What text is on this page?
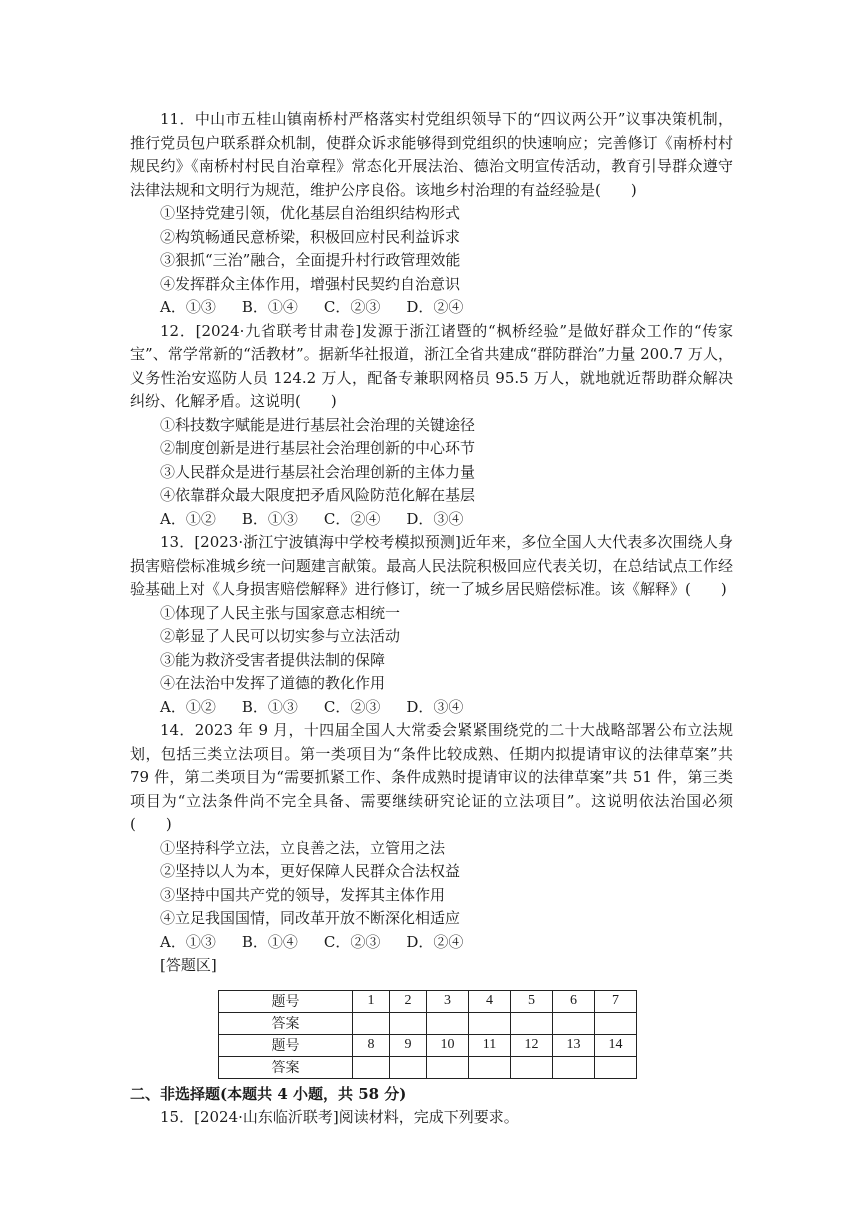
11．中山市五桂山镇南桥村严格落实村党组织领导下的“四议两公开”议事决策机制，推行党员包户联系群众机制，使群众诉求能够得到党组织的快速响应；完善修订《南桥村村规民约》《南桥村村民自治章程》常态化开展法治、德治文明宣传活动，教育引导群众遵守法律法规和文明行为规范，维护公序良俗。该地乡村治理的有益经验是(　　)

①坚持党建引领，优化基层自治组织结构形式

②构筑畅通民意桥梁，积极回应村民利益诉求

③狠抓“三治”融合，全面提升村行政管理效能

④发挥群众主体作用，增强村民契约自治意识

A．①③ B．①④ C．②③ D．②④

12．[2024·九省联考甘肃卷]发源于浙江诸暨的“枫桥经验”是做好群众工作的“传家宝”、常学常新的“活教材”。据新华社报道，浙江全省共建成“群防群治”力量 200.7 万人，义务性治安巡防人员 124.2 万人，配备专兼职网格员 95.5 万人，就地就近帮助群众解决纠纷、化解矛盾。这说明(　　)

①科技数字赋能是进行基层社会治理的关键途径

②制度创新是进行基层社会治理创新的中心环节

③人民群众是进行基层社会治理创新的主体力量

④依靠群众最大限度把矛盾风险防范化解在基层

A．①② B．①③ C．②④ D．③④

13．[2023·浙江宁波镇海中学校考模拟预测]近年来，多位全国人大代表多次围绕人身损害赔偿标准城乡统一问题建言献策。最高人民法院积极回应代表关切，在总结试点工作经验基础上对《人身损害赔偿解释》进行修订，统一了城乡居民赔偿标准。该《解释》(　　)

①体现了人民主张与国家意志相统一

②彰显了人民可以切实参与立法活动

③能为救济受害者提供法制的保障

④在法治中发挥了道德的教化作用

A．①② B．①③ C．②③ D．③④

14．2023 年 9 月，十四届全国人大常委会紧紧围绕党的二十大战略部署公布立法规划，包括三类立法项目。第一类项目为“条件比较成熟、任期内拟提请审议的法律草案”共 79 件，第二类项目为“需要抓紧工作、条件成熟时提请审议的法律草案”共 51 件，第三类项目为“立法条件尚不完全具备、需要继续研究论证的立法项目”。这说明依法治国必须(　　)

①坚持科学立法，立良善之法，立管用之法

②坚持以人为本，更好保障人民群众合法权益

③坚持中国共产党的领导，发挥其主体作用

④立足我国国情，同改革开放不断深化相适应

A．①③ B．①④ C．②③ D．②④

[答题区]

题号	1	2	3	4	5	6	7
答案							
题号	8	9	10	11	12	13	14
答案							

二、非选择题(本题共 4 小题，共 58 分)

15．[2024·山东临沂联考]阅读材料，完成下列要求。
